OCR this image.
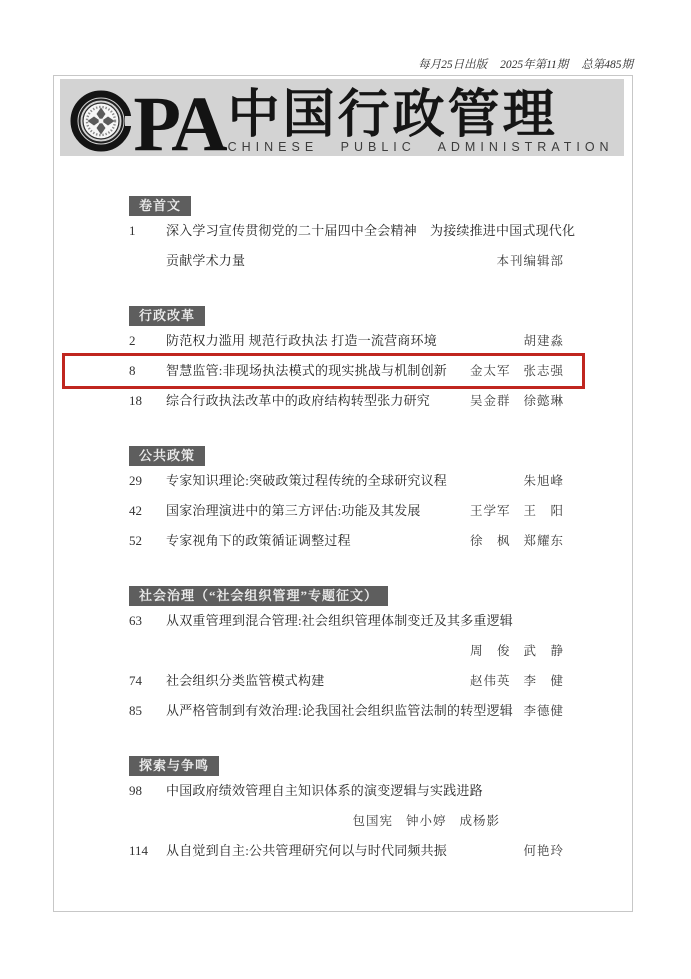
每月25日出版 2025年第11期 总第485期
PA 中国行政管理
CHINESE PUBLIC ADMINISTRATION
卷首文
1	深入学习宣传贯彻党的二十届四中全会精神　为接续推进中国式现代化
贡献学术力量	本刊编辑部
行政改革
2	防范权力滥用 规范行政执法 打造一流营商环境	胡建淼
8	智慧监管:非现场执法模式的现实挑战与机制创新 金太军 张志强
18	综合行政执法改革中的政府结构转型张力研究	吴金群 徐懿琳
公共政策
29	专家知识理论:突破政策过程传统的全球研究议程	朱旭峰
42	国家治理演进中的第三方评估:功能及其发展	王学军 王　阳
52	专家视角下的政策循证调整过程	徐　枫 郑耀东
社会治理（“社会组织管理”专题征文）
63	从双重管理到混合管理:社会组织管理体制变迁及其多重逻辑
周　俊 武　静
74	社会组织分类监管模式构建	赵伟英 李　健
85	从严格管制到有效治理:论我国社会组织监管法制的转型逻辑 李德健
探索与争鸣
98	中国政府绩效管理自主知识体系的演变逻辑与实践进路
包国宪 钟小婷 成杨影
114	从自觉到自主:公共管理研究何以与时代同频共振	何艳玲
